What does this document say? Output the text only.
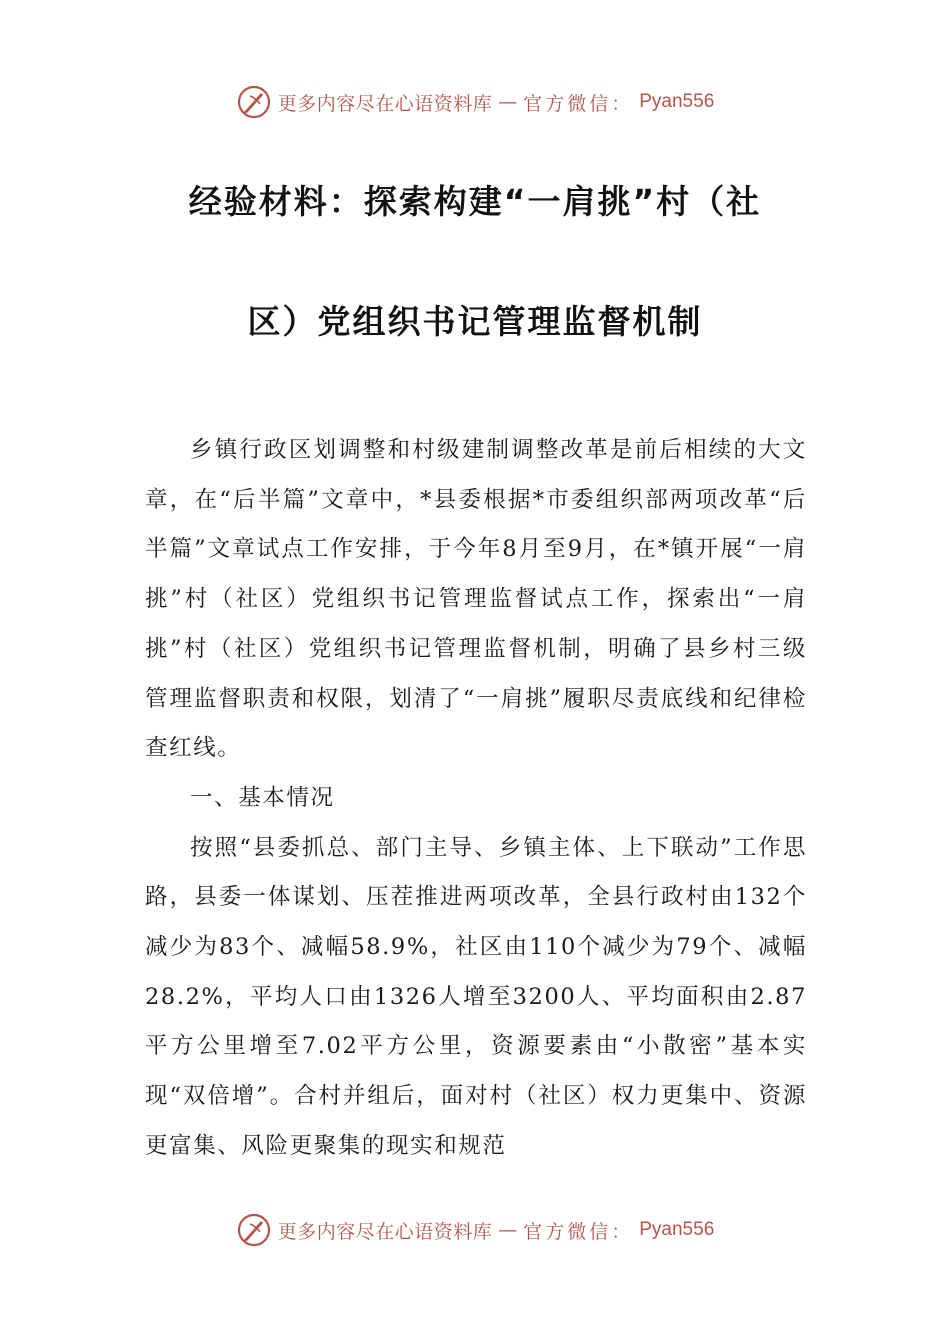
更多内容尽在心语资料库 — 官方微信： Pyan556
经验材料：探索构建“一肩挑”村（社
区）党组织书记管理监督机制

乡镇行政区划调整和村级建制调整改革是前后相续的大文章，在“后半篇”文章中，*县委根据*市委组织部两项改革“后半篇”文章试点工作安排，于今年8月至9月，在*镇开展“一肩挑”村（社区）党组织书记管理监督试点工作，探索出“一肩挑”村（社区）党组织书记管理监督机制，明确了县乡村三级管理监督职责和权限，划清了“一肩挑”履职尽责底线和纪律检查红线。

一、基本情况

按照“县委抓总、部门主导、乡镇主体、上下联动”工作思路，县委一体谋划、压茬推进两项改革，全县行政村由132个减少为83个、减幅58.9%，社区由110个减少为79个、减幅28.2%，平均人口由1326人增至3200人、平均面积由2.87平方公里增至7.02平方公里，资源要素由“小散密”基本实现“双倍增”。合村并组后，面对村（社区）权力更集中、资源更富集、风险更聚集的现实和规范

更多内容尽在心语资料库 — 官方微信： Pyan556
